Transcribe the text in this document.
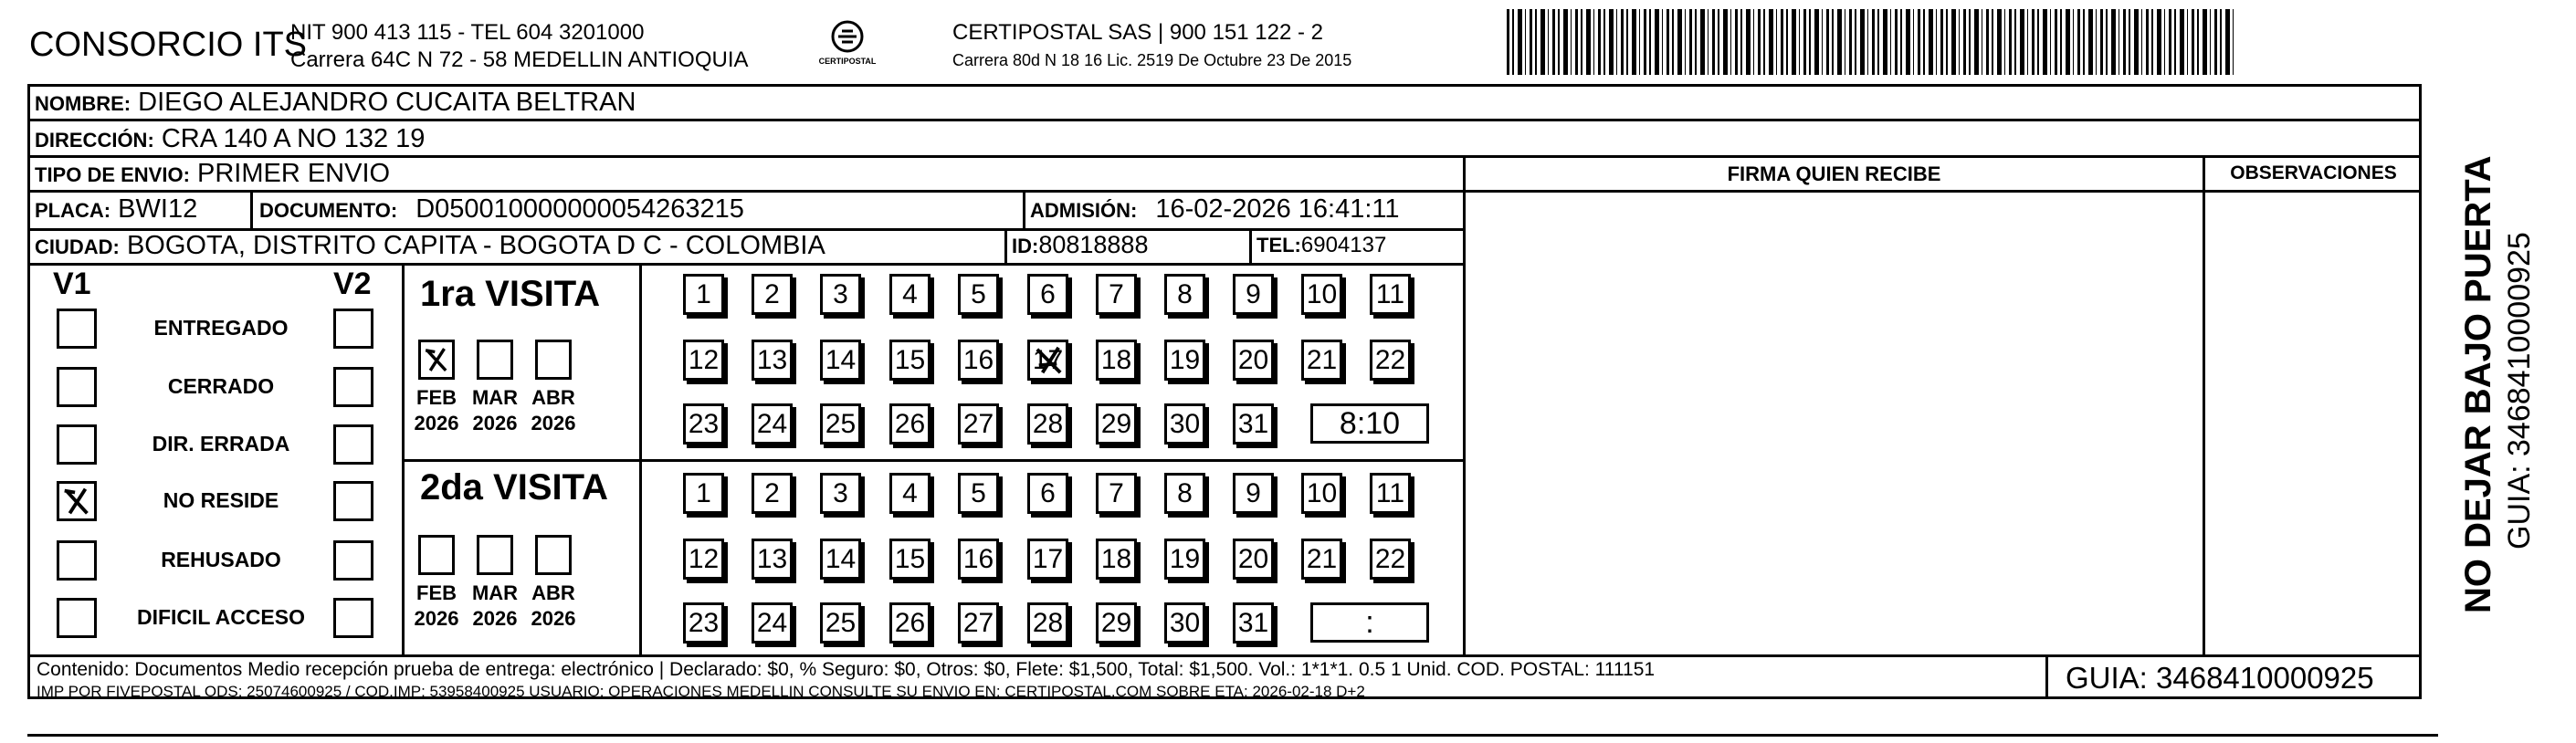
CONSORCIO ITS
NIT 900 413 115 - TEL 604 3201000
Carrera 64C N 72 - 58 MEDELLIN ANTIOQUIA	CERTIPOSTAL
CERTIPOSTAL SAS | 900 151 122 - 2
Carrera 80d N 18 16 Lic. 2519 De Octubre 23 De 2015
NOMBRE: DIEGO ALEJANDRO CUCAITA BELTRAN
DIRECCIÓN: CRA 140 A NO 132 19
TIPO DE ENVIO: PRIMER ENVIO	FIRMA QUIEN RECIBE	OBSERVACIONES
PLACA: BWI12	DOCUMENTO: D050010000000054263215	ADMISIÓN: 16-02-2026 16:41:11
CIUDAD: BOGOTA, DISTRITO CAPITA - BOGOTA D C - COLOMBIA	ID:80818888	TEL:6904137
V1	V2
ENTREGADO
CERRADO
DIR. ERRADA
NO RESIDE
REHUSADO
DIFICIL ACCESO
1ra VISITA
FEB
2026
MAR
2026
ABR
2026
1 2 3 4 5 6 7 8 9 10 11
12 13 14 15 16 17 18 19 20 21 22
23 24 25 26 27 28 29 30 31	8:10
2da VISITA
FEB
2026
MAR
2026
ABR
2026
1 2 3 4 5 6 7 8 9 10 11
12 13 14 15 16 17 18 19 20 21 22
23 24 25 26 27 28 29 30 31	:
Contenido: Documentos Medio recepción prueba de entrega: electrónico | Declarado: $0, % Seguro: $0, Otros: $0, Flete: $1,500, Total: $1,500. Vol.: 1*1*1. 0.5 1 Unid. COD. POSTAL: 111151
IMP POR FIVEPOSTAL ODS: 25074600925 / COD.IMP: 53958400925 USUARIO: OPERACIONES MEDELLIN CONSULTE SU ENVIO EN: CERTIPOSTAL.COM SOBRE ETA: 2026-02-18 D+2	GUIA: 3468410000925
NO DEJAR BAJO PUERTA GUIA: 3468410000925
